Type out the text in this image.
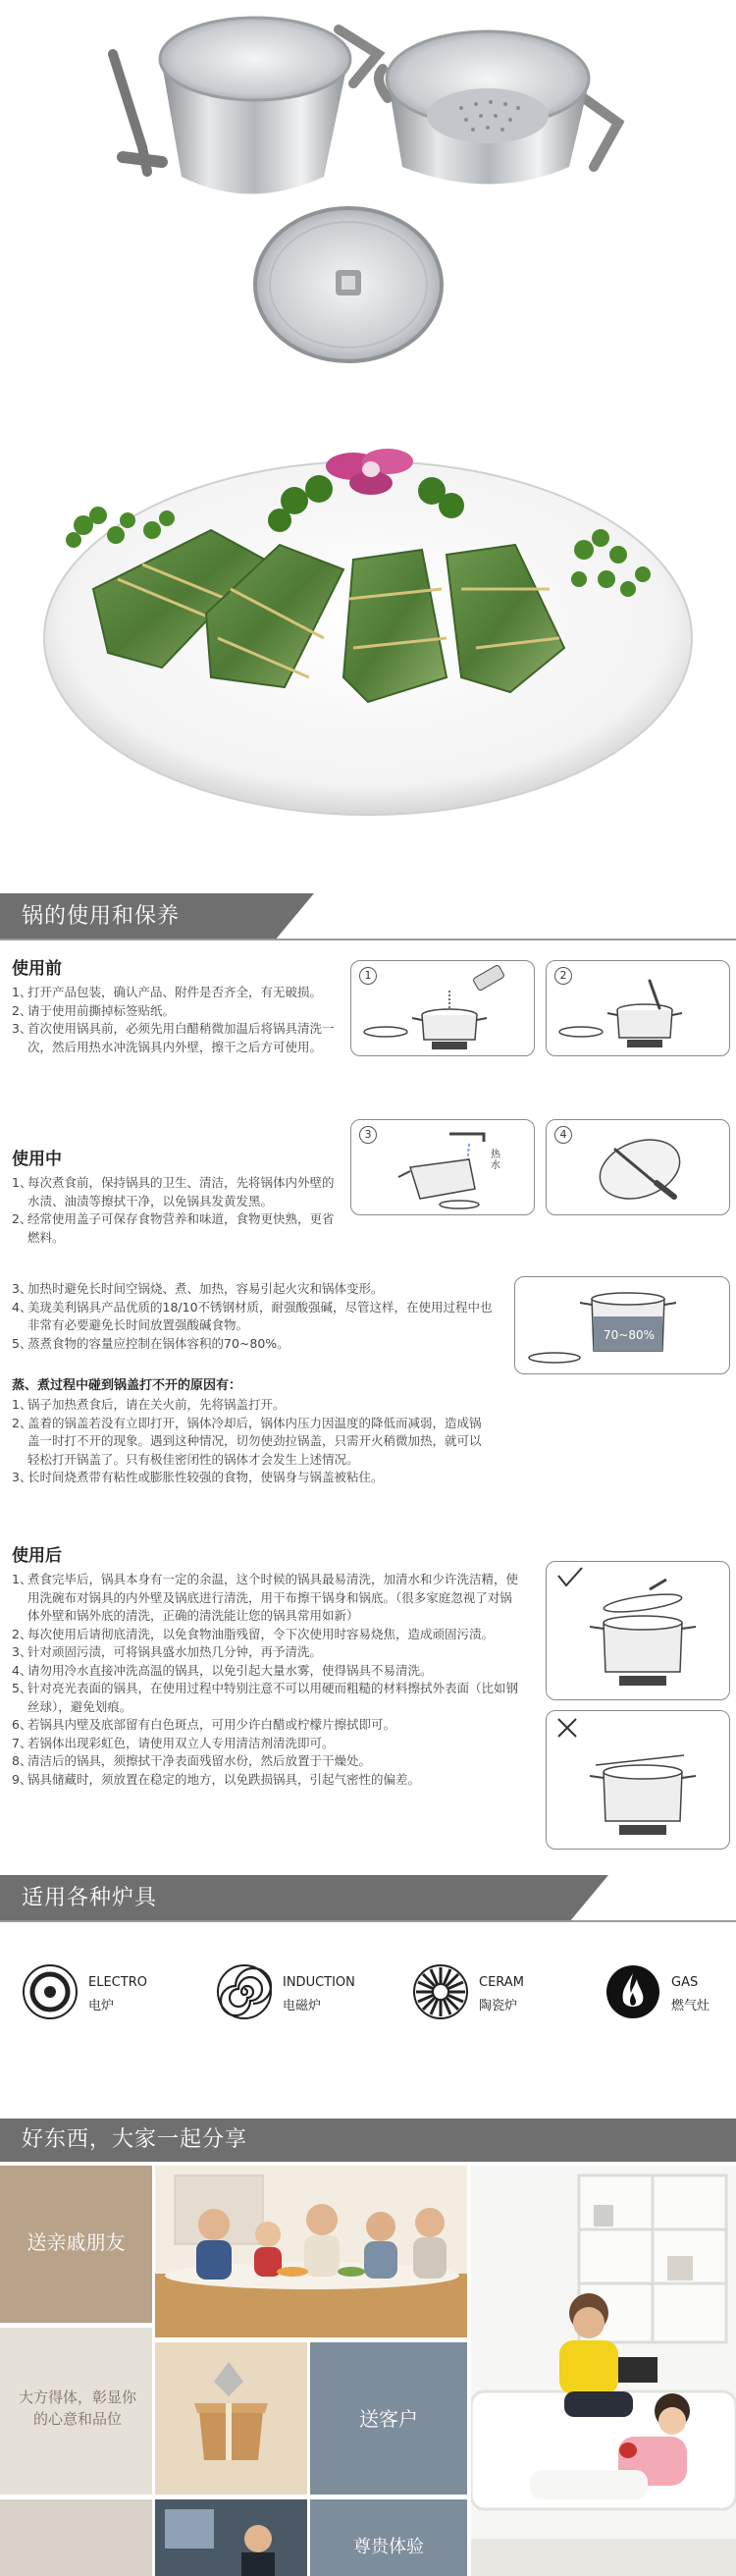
锅的使用和保养
使用前
1、打开产品包装，确认产品、附件是否齐全，有无破损。
2、请于使用前撕掉标签贴纸。
3、首次使用锅具前，必须先用白醋稍微加温后将锅具清洗一次，然后用热水冲洗锅具内外壁，擦干之后方可使用。
1	2
使用中
1、每次煮食前，保持锅具的卫生、清洁，先将锅体内外壁的水渍、油渍等擦拭干净，以免锅具发黄发黑。
2、经常使用盖子可保存食物营养和味道，食物更快熟，更省燃料。
3、加热时避免长时间空锅烧、煮、加热，容易引起火灾和锅体变形。
4、美珑美利锅具产品优质的18/10不锈钢材质，耐强酸强碱，尽管这样，在使用过程中也非常有必要避免长时间放置强酸碱食物。
5、蒸煮食物的容量应控制在锅体容积的70~80%。
3
热水
4
70~80%
蒸、煮过程中碰到锅盖打不开的原因有：
1、锅子加热煮食后，请在关火前，先将锅盖打开。
2、盖着的锅盖若没有立即打开，锅体冷却后，锅体内压力因温度的降低而减弱，造成锅盖一时打不开的现象。遇到这种情况，切勿使劲拉锅盖，只需开火稍微加热，就可以轻松打开锅盖了。只有极佳密闭性的锅体才会发生上述情况。
3、长时间烧煮带有粘性或膨胀性较强的食物，使锅身与锅盖被粘住。
使用后
1、煮食完毕后，锅具本身有一定的余温，这个时候的锅具最易清洗，加清水和少许洗洁精，使用洗碗布对锅具的内外壁及锅底进行清洗，用干布擦干锅身和锅底。（很多家庭忽视了对锅体外壁和锅外底的清洗，正确的清洗能让您的锅具常用如新）
2、每次使用后请彻底清洗，以免食物油脂残留，令下次使用时容易烧焦，造成顽固污渍。
3、针对顽固污渍，可将锅具盛水加热几分钟，再予清洗。
4、请勿用冷水直接冲洗高温的锅具，以免引起大量水雾，使得锅具不易清洗。
5、针对亮光表面的锅具，在使用过程中特别注意不可以用硬而粗糙的材料擦拭外表面（比如钢丝球），避免划痕。
6、若锅具内壁及底部留有白色斑点，可用少许白醋或柠檬片擦拭即可。
7、若锅体出现彩虹色，请使用双立人专用清洁剂清洗即可。
8、清洁后的锅具，须擦拭干净表面残留水份，然后放置于干燥处。
9、锅具储藏时，须放置在稳定的地方，以免跌损锅具，引起气密性的偏差。
适用各种炉具
ELECTRO
电炉
INDUCTION
电磁炉
CERAM
陶瓷炉
GAS
燃气灶
好东西，大家一起分享
送亲戚朋友
大方得体，彰显你的心意和品位	送客户
尊贵体验
